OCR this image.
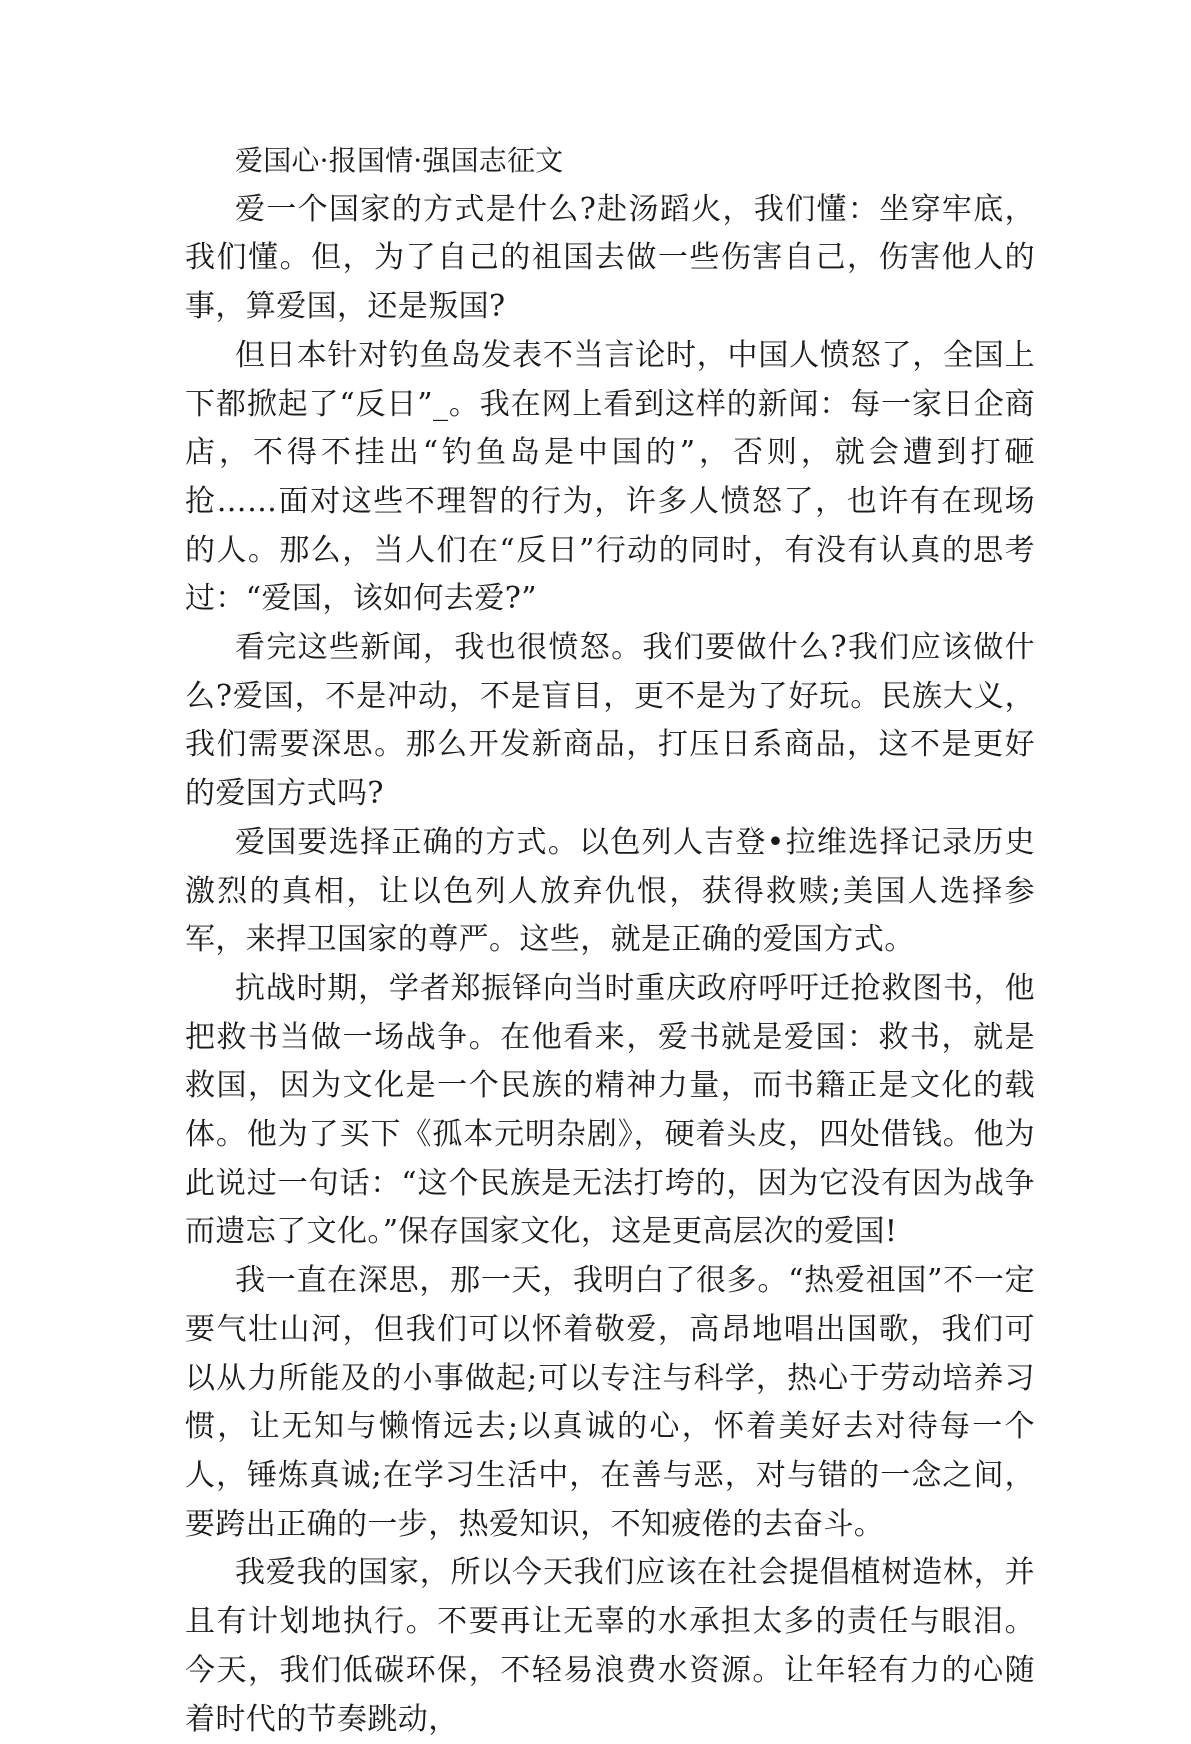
爱国心·报国情·强国志征文

爱一个国家的方式是什么?赴汤蹈火，我们懂：坐穿牢底，我们懂。但，为了自己的祖国去做一些伤害自己，伤害他人的事，算爱国，还是叛国?

但日本针对钓鱼岛发表不当言论时，中国人愤怒了，全国上下都掀起了“反日”_。我在网上看到这样的新闻：每一家日企商店，不得不挂出“钓鱼岛是中国的”，否则，就会遭到打砸抢……面对这些不理智的行为，许多人愤怒了，也许有在现场的人。那么，当人们在“反日”行动的同时，有没有认真的思考过：“爱国，该如何去爱?”

看完这些新闻，我也很愤怒。我们要做什么?我们应该做什么?爱国，不是冲动，不是盲目，更不是为了好玩。民族大义，我们需要深思。那么开发新商品，打压日系商品，这不是更好的爱国方式吗?

爱国要选择正确的方式。以色列人吉登•拉维选择记录历史激烈的真相，让以色列人放弃仇恨，获得救赎;美国人选择参军，来捍卫国家的尊严。这些，就是正确的爱国方式。

抗战时期，学者郑振铎向当时重庆政府呼吁迁抢救图书，他把救书当做一场战争。在他看来，爱书就是爱国：救书，就是救国，因为文化是一个民族的精神力量，而书籍正是文化的载体。他为了买下《孤本元明杂剧》，硬着头皮，四处借钱。他为此说过一句话：“这个民族是无法打垮的，因为它没有因为战争而遗忘了文化。”保存国家文化，这是更高层次的爱国!

我一直在深思，那一天，我明白了很多。“热爱祖国”不一定要气壮山河，但我们可以怀着敬爱，高昂地唱出国歌，我们可以从力所能及的小事做起;可以专注与科学，热心于劳动培养习惯，让无知与懒惰远去;以真诚的心，怀着美好去对待每一个人，锤炼真诚;在学习生活中，在善与恶，对与错的一念之间，要跨出正确的一步，热爱知识，不知疲倦的去奋斗。

我爱我的国家，所以今天我们应该在社会提倡植树造林，并且有计划地执行。不要再让无辜的水承担太多的责任与眼泪。今天，我们低碳环保，不轻易浪费水资源。让年轻有力的心随着时代的节奏跳动，
